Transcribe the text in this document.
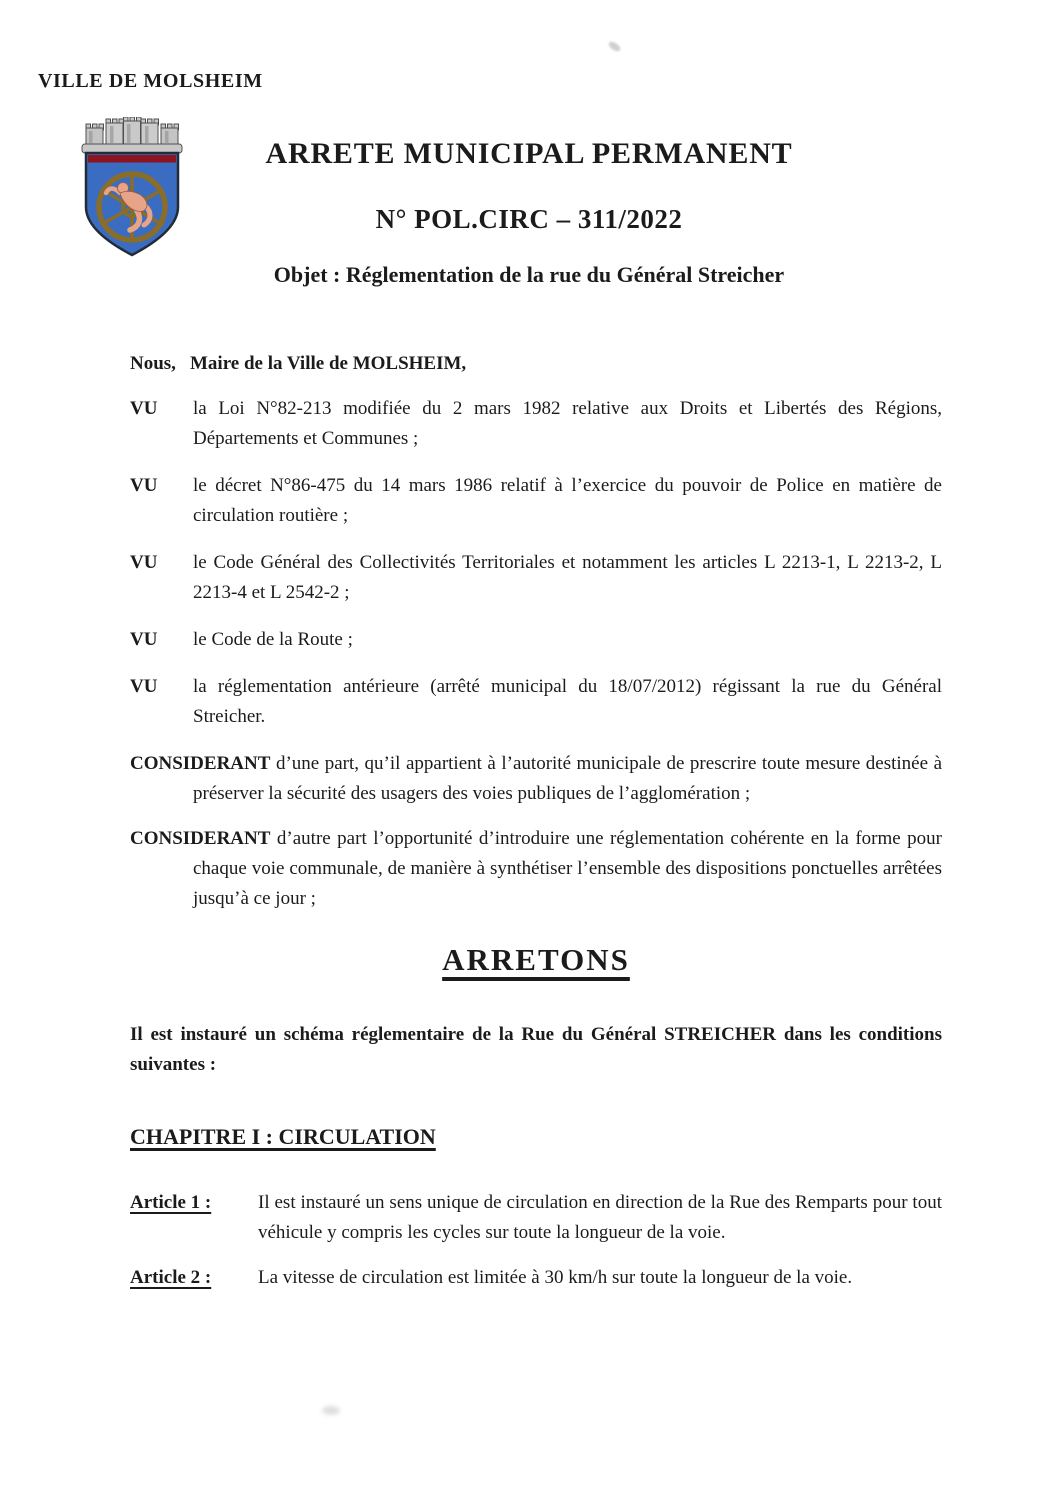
VILLE DE MOLSHEIM
ARRETE MUNICIPAL PERMANENT
N° POL.CIRC – 311/2022
Objet : Réglementation de la rue du Général Streicher

Nous, Maire de la Ville de MOLSHEIM,

VU la Loi N°82-213 modifiée du 2 mars 1982 relative aux Droits et Libertés des Régions, Départements et Communes ;

VU le décret N°86-475 du 14 mars 1986 relatif à l’exercice du pouvoir de Police en matière de circulation routière ;

VU le Code Général des Collectivités Territoriales et notamment les articles L 2213-1, L 2213-2, L 2213-4 et L 2542-2 ;

VU le Code de la Route ;

VU la réglementation antérieure (arrêté municipal du 18/07/2012) régissant la rue du Général Streicher.

CONSIDERANT d’une part, qu’il appartient à l’autorité municipale de prescrire toute mesure destinée à préserver la sécurité des usagers des voies publiques de l’agglomération ;

CONSIDERANT d’autre part l’opportunité d’introduire une réglementation cohérente en la forme pour chaque voie communale, de manière à synthétiser l’ensemble des dispositions ponctuelles arrêtées jusqu’à ce jour ;

ARRETONS

Il est instauré un schéma réglementaire de la Rue du Général STREICHER dans les conditions suivantes :

CHAPITRE I : CIRCULATION

Article 1 : Il est instauré un sens unique de circulation en direction de la Rue des Remparts pour tout véhicule y compris les cycles sur toute la longueur de la voie.

Article 2 : La vitesse de circulation est limitée à 30 km/h sur toute la longueur de la voie.
